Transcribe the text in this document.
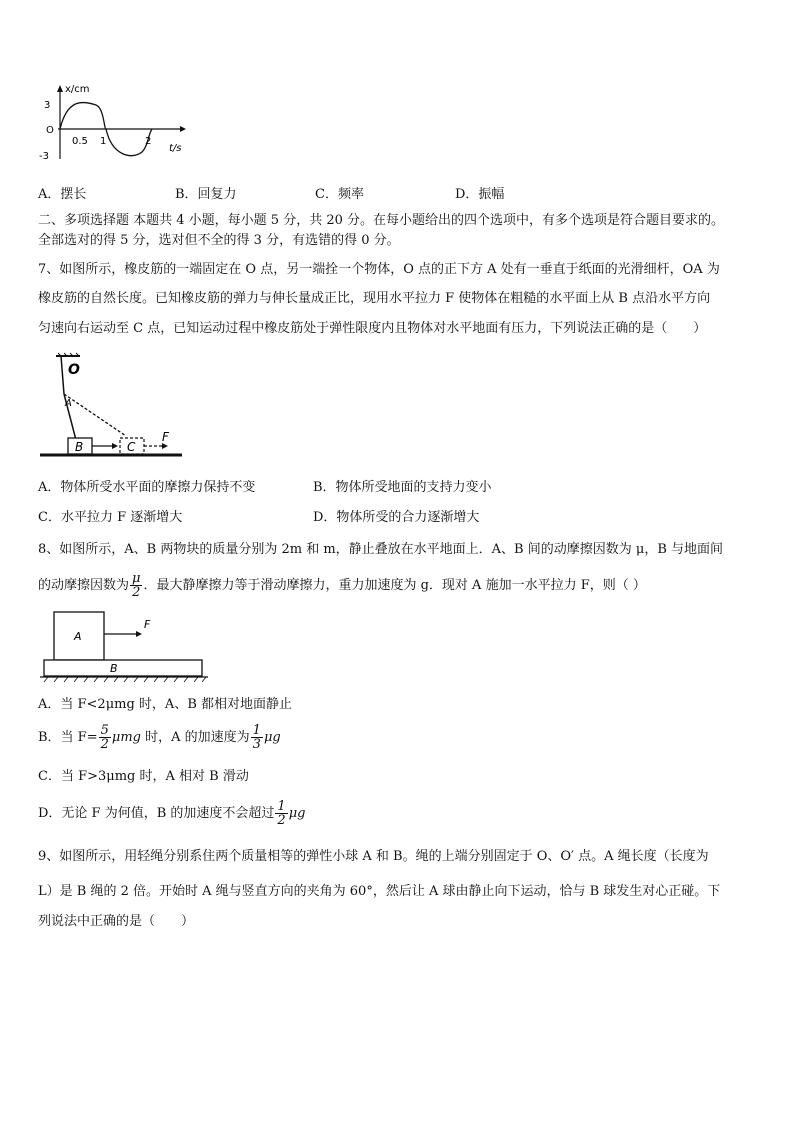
x/cm
3
O
-3
0.5 1	2
t/s
A．摆长	B．回复力	C．频率	D．振幅
二、多项选择题 本题共 4 小题，每小题 5 分，共 20 分。在每小题给出的四个选项中，有多个选项是符合题目要求的。
全部选对的得 5 分，选对但不全的得 3 分，有选错的得 0 分。
7、如图所示，橡皮筋的一端固定在 O 点，另一端拴一个物体，O 点的正下方 A 处有一垂直于纸面的光滑细杆，OA 为
橡皮筋的自然长度。已知橡皮筋的弹力与伸长量成正比，现用水平拉力 F 使物体在粗糙的水平面上从 B 点沿水平方向
匀速向右运动至 C 点，已知运动过程中橡皮筋处于弹性限度内且物体对水平地面有压力，下列说法正确的是（　　）
O
A
B	C
F
A．物体所受水平面的摩擦力保持不变	B．物体所受地面的支持力变小
C．水平拉力 F 逐渐增大	D．物体所受的合力逐渐增大
8、如图所示，A、B 两物块的质量分别为 2m 和 m，静止叠放在水平地面上．A、B 间的动摩擦因数为 μ，B 与地面间
的动摩擦因数为 $\frac{\mu}{2}$ ．最大静摩擦力等于滑动摩擦力，重力加速度为 g．现对 A 施加一水平拉力 F，则（ ）
A
F
B
A．当 F<2μmg 时，A、B 都相对地面静止
B．当 $F= \frac{5}{2}$ μmg 时，A 的加速度为 $\frac{1}{3}$ μg
C．当 F>3μmg 时，A 相对 B 滑动
D．无论 F 为何值，B 的加速度不会超过 $\frac{1}{2}$ μg
9、如图所示，用轻绳分别系住两个质量相等的弹性小球 A 和 B。绳的上端分别固定于 O、O′ 点。A 绳长度（长度为
L）是 B 绳的 2 倍。开始时 A 绳与竖直方向的夹角为 60°，然后让 A 球由静止向下运动，恰与 B 球发生对心正碰。下
列说法中正确的是（　　）
